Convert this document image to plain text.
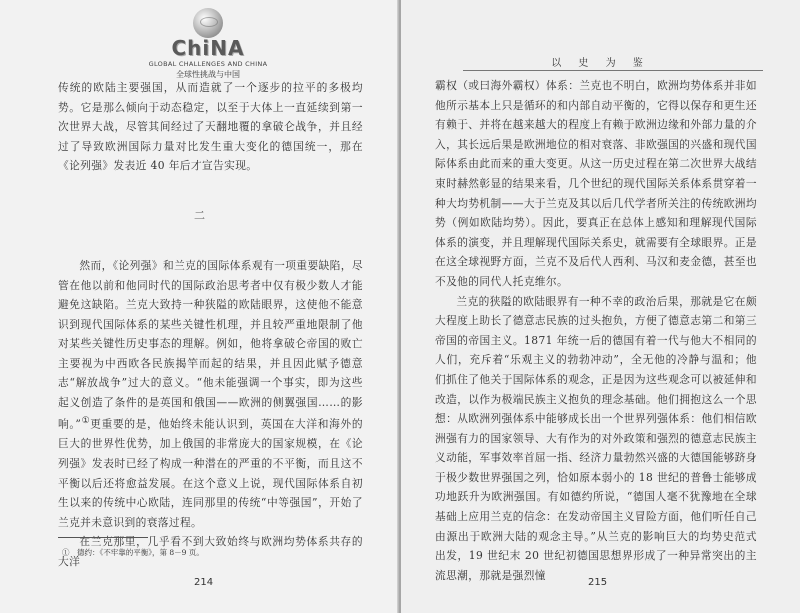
ChiNA
GLOBAL CHALLENGES AND CHINA
全球性挑战与中国

传统的欧陆主要强国，从而造就了一个逐步的拉平的多极均势。它是那么倾向于动态稳定，以至于大体上一直延续到第一次世界大战，尽管其间经过了天翻地覆的拿破仑战争，并且经过了导致欧洲国际力量对比发生重大变化的德国统一，那在《论列强》发表近 40 年后才宣告实现。

二

然而，《论列强》和兰克的国际体系观有一项重要缺陷，尽管在他以前和他同时代的国际政治思考者中仅有极少数人才能避免这缺陷。兰克大致持一种狭隘的欧陆眼界，这使他不能意识到现代国际体系的某些关键性机理，并且较严重地限制了他对某些关键性历史事态的理解。例如，他将拿破仑帝国的败亡主要视为中西欧各民族揭竿而起的结果，并且因此赋予德意志“解放战争”过大的意义。“他未能强调一个事实，即为这些起义创造了条件的是英国和俄国——欧洲的侧翼强国……的影响。”①更重要的是，他始终未能认识到，英国在大洋和海外的巨大的世界性优势，加上俄国的非常庞大的国家规模，在《论列强》发表时已经了构成一种潜在的严重的不平衡，而且这不平衡以后还将愈益发展。在这个意义上说，现代国际体系自初生以来的传统中心欧陆，连同那里的传统“中等强国”，开始了兰克并未意识到的衰落过程。

在兰克那里，几乎看不到大致始终与欧洲均势体系共存的大洋

①　德约：《不牢靠的平衡》，第 8－9 页。
214
以 史 为 鉴

霸权（或曰海外霸权）体系：兰克也不明白，欧洲均势体系并非如他所示基本上只是循环的和内部自动平衡的，它得以保存和更生还有赖于、并将在越来越大的程度上有赖于欧洲边缘和外部力量的介入，其长远后果是欧洲地位的相对衰落、非欧强国的兴盛和现代国际体系由此而来的重大变更。从这一历史过程在第二次世界大战结束时赫然彰显的结果来看，几个世纪的现代国际关系体系贯穿着一种大均势机制——大于兰克及其以后几代学者所关注的传统欧洲均势（例如欧陆均势）。因此，要真正在总体上感知和理解现代国际体系的演变，并且理解现代国际关系史，就需要有全球眼界。正是在这全球视野方面，兰克不及后代人西利、马汉和麦金德，甚至也不及他的同代人托克维尔。

兰克的狭隘的欧陆眼界有一种不幸的政治后果，那就是它在颇大程度上助长了德意志民族的过头抱负，方便了德意志第二和第三帝国的帝国主义。1871 年统一后的德国有着一代与他大不相同的人们，充斥着“乐观主义的勃勃冲动”，全无他的冷静与温和；他们抓住了他关于国际体系的观念，正是因为这些观念可以被延伸和改造，以作为极端民族主义抱负的理念基础。他们拥抱这么一个思想：从欧洲列强体系中能够成长出一个世界列强体系：他们相信欧洲强有力的国家领导、大有作为的对外政策和强烈的德意志民族主义动能，军事效率首屈一指、经济力量勃然兴盛的大德国能够跻身于极少数世界强国之列，恰如原本弱小的 18 世纪的普鲁士能够成功地跃升为欧洲强国。有如德约所说，“德国人毫不犹豫地在全球基础上应用兰克的信念：在发动帝国主义冒险方面，他们听任自己由源出于欧洲大陆的观念主导。”从兰克的影响巨大的均势史范式出发，19 世纪末 20 世纪初德国思想界形成了一种异常突出的主流思潮，那就是强烈憧

215
